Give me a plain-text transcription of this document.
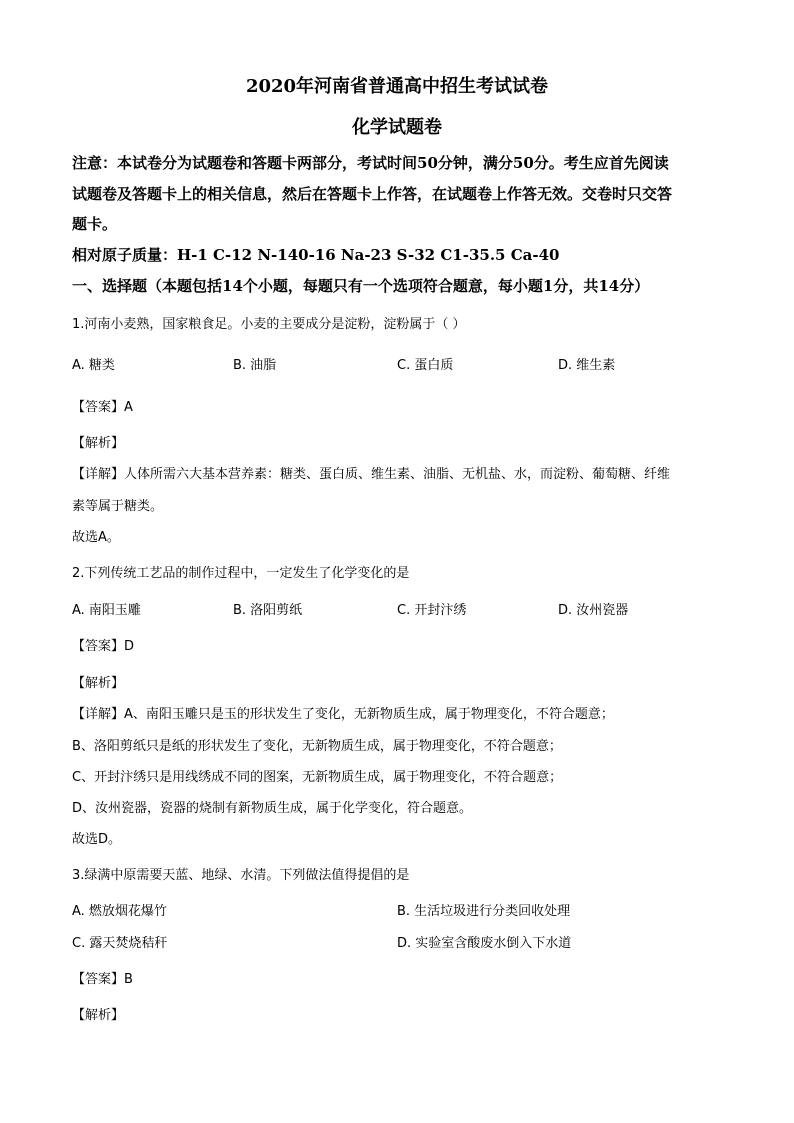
2020年河南省普通高中招生考试试卷
化学试题卷
注意：本试卷分为试题卷和答题卡两部分，考试时间50分钟，满分50分。考生应首先阅读
试题卷及答题卡上的相关信息，然后在答题卡上作答，在试题卷上作答无效。交卷时只交答
题卡。
相对原子质量：H-1 C-12 N-140-16 Na-23 S-32 C1-35.5 Ca-40
一、选择题（本题包括14个小题，每题只有一个选项符合题意，每小题1分，共14分）
1.河南小麦熟，国家粮食足。小麦的主要成分是淀粉，淀粉属于（ ）
A. 糖类	B. 油脂	C. 蛋白质	D. 维生素
【答案】A
【解析】
【详解】人体所需六大基本营养素：糖类、蛋白质、维生素、油脂、无机盐、水，而淀粉、葡萄糖、纤维
素等属于糖类。
故选A。
2.下列传统工艺品的制作过程中，一定发生了化学变化的是
A. 南阳玉雕	B. 洛阳剪纸	C. 开封汴绣	D. 汝州瓷器
【答案】D
【解析】
【详解】A、南阳玉雕只是玉的形状发生了变化，无新物质生成，属于物理变化，不符合题意；
B、洛阳剪纸只是纸的形状发生了变化，无新物质生成，属于物理变化，不符合题意；
C、开封汴绣只是用线绣成不同的图案，无新物质生成，属于物理变化，不符合题意；
D、汝州瓷器，瓷器的烧制有新物质生成，属于化学变化，符合题意。
故选D。
3.绿满中原需要天蓝、地绿、水清。下列做法值得提倡的是
A. 燃放烟花爆竹	B. 生活垃圾进行分类回收处理
C. 露天焚烧秸秆	D. 实验室含酸废水倒入下水道
【答案】B
【解析】
